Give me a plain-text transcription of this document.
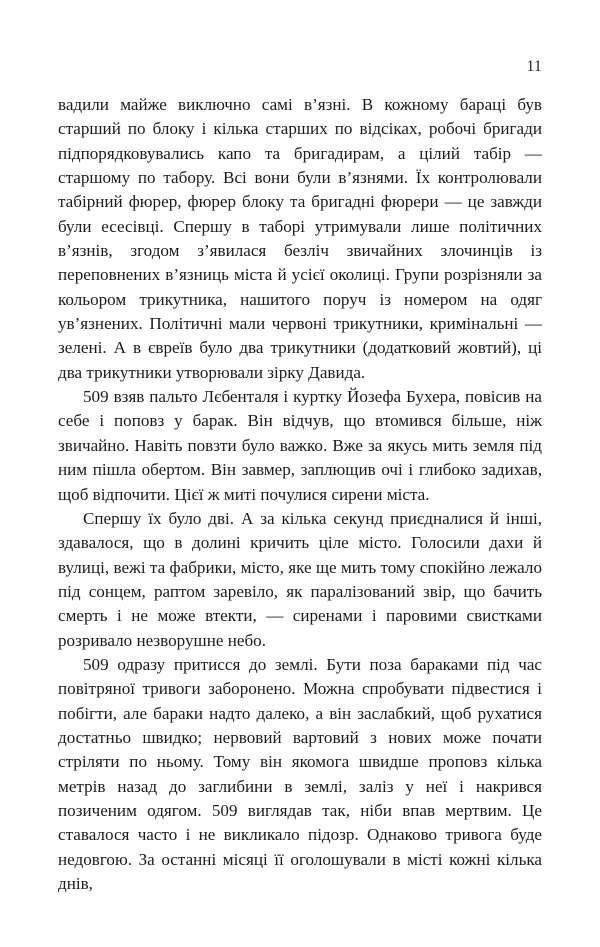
11

вадили майже виключно самі в’язні. В кожному бараці був старший по блоку і кілька старших по відсіках, робочі бригади підпорядковувались капо та бригадирам, а цілий табір — старшому по табору. Всі вони були в’язнями. Їх контролювали табірний фюрер, фюрер блоку та бригадні фюрери — це завжди були есесівці. Спершу в таборі утримували лише політичних в’язнів, згодом з’явилася безліч звичайних злочинців із переповнених в’язниць міста й усієї околиці. Групи розрізняли за кольором трикутника, нашитого поруч із номером на одяг ув’язнених. Політичні мали червоні трикутники, кримінальні — зелені. А в євреїв було два трикутники (додатковий жовтий), ці два трикутники утворювали зірку Давида.

509 взяв пальто Лєбенталя і куртку Йозефа Бухера, повісив на себе і поповз у барак. Він відчув, що втомився більше, ніж звичайно. Навіть повзти було важко. Вже за якусь мить земля під ним пішла обертом. Він завмер, заплющив очі і глибоко задихав, щоб відпочити. Цієї ж миті почулися сирени міста.

Спершу їх було дві. А за кілька секунд приєдналися й інші, здавалося, що в долині кричить ціле місто. Голосили дахи й вулиці, вежі та фабрики, місто, яке ще мить тому спокійно лежало під сонцем, раптом заревіло, як паралізований звір, що бачить смерть і не може втекти, — сиренами і паровими свистками розривало незворушне небо.

509 одразу притисся до землі. Бути поза бараками під час повітряної тривоги заборонено. Можна спробувати підвестися і побігти, але бараки надто далеко, а він заслабкий, щоб рухатися достатньо швидко; нервовий вартовий з нових може почати стріляти по ньому. Тому він якомога швидше проповз кілька метрів назад до заглибини в землі, заліз у неї і накрився позиченим одягом. 509 виглядав так, ніби впав мертвим. Це ставалося часто і не викликало підозр. Однаково тривога буде недовгою. За останні місяці її оголошували в місті кожні кілька днів,
